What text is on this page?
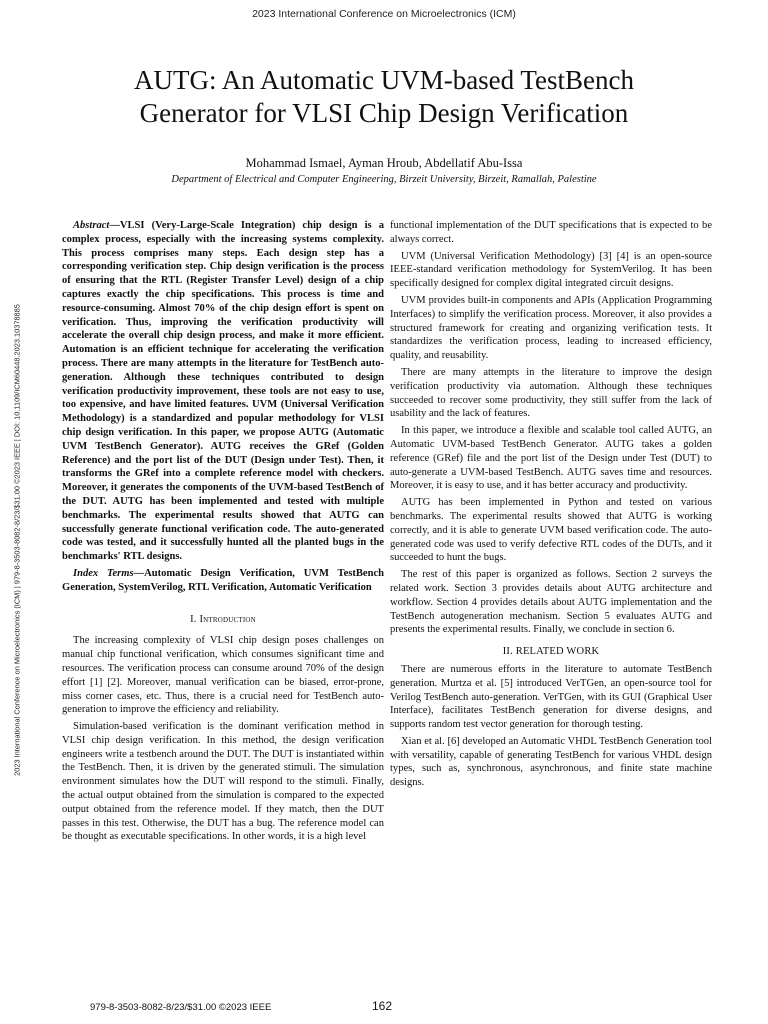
2023 International Conference on Microelectronics (ICM)
2023 International Conference on Microelectronics (ICM) | 979-8-3503-8082-8/23/$31.00 ©2023 IEEE | DOI: 10.1109/ICM60448.2023.10378885
AUTG: An Automatic UVM-based TestBench
Generator for VLSI Chip Design Verification

Mohammad Ismael, Ayman Hroub, Abdellatif Abu-Issa

Department of Electrical and Computer Engineering, Birzeit University, Birzeit, Ramallah, Palestine

Abstract—VLSI (Very-Large-Scale Integration) chip design is a complex process, especially with the increasing systems complexity. This process comprises many steps. Each design step has a corresponding verification step. Chip design verification is the process of ensuring that the RTL (Register Transfer Level) design of a chip captures exactly the chip specifications. This process is time and resource-consuming. Almost 70% of the chip design effort is spent on verification. Thus, improving the verification productivity will accelerate the overall chip design process, and make it more efficient. Automation is an efficient technique for accelerating the verification process. There are many attempts in the literature for TestBench auto-generation. Although these techniques contributed to design verification productivity improvement, these tools are not easy to use, too expensive, and have limited features. UVM (Universal Verification Methodology) is a standardized and popular methodology for VLSI chip design verification. In this paper, we propose AUTG (Automatic UVM TestBench Generator). AUTG receives the GRef (Golden Reference) and the port list of the DUT (Design under Test). Then, it transforms the GRef into a complete reference model with checkers. Moreover, it generates the components of the UVM-based TestBench of the DUT. AUTG has been implemented and tested with multiple benchmarks. The experimental results showed that AUTG can successfully generate functional verification code. The auto-generated code was tested, and it successfully hunted all the planted bugs in the benchmarks' RTL designs.

Index Terms—Automatic Design Verification, UVM TestBench Generation, SystemVerilog, RTL Verification, Automatic Verification

I. Introduction

The increasing complexity of VLSI chip design poses challenges on manual chip functional verification, which consumes significant time and resources. The verification process can consume around 70% of the design effort [1] [2]. Moreover, manual verification can be biased, error-prone, miss corner cases, etc. Thus, there is a crucial need for TestBench auto-generation to improve the efficiency and reliability.

Simulation-based verification is the dominant verification method in VLSI chip design verification. In this method, the design verification engineers write a testbench around the DUT. The DUT is instantiated within the TestBench. Then, it is driven by the generated stimuli. The simulation environment simulates how the DUT will respond to the stimuli. Finally, the actual output obtained from the simulation is compared to the expected output obtained from the reference model. If they match, then the DUT passes in this test. Otherwise, the DUT has a bug. The reference model can be thought as executable specifications. In other words, it is a high level

functional implementation of the DUT specifications that is expected to be always correct.

UVM (Universal Verification Methodology) [3] [4] is an open-source IEEE-standard verification methodology for SystemVerilog. It has been specifically designed for complex digital integrated circuit designs.

UVM provides built-in components and APIs (Application Programming Interfaces) to simplify the verification process. Moreover, it also provides a structured framework for creating and organizing verification tests. It standardizes the verification process, leading to increased efficiency, quality, and reusability.

There are many attempts in the literature to improve the design verification productivity via automation. Although these techniques succeeded to recover some productivity, they still suffer from the lack of usability and the lack of features.

In this paper, we introduce a flexible and scalable tool called AUTG, an Automatic UVM-based TestBench Generator. AUTG takes a golden reference (GRef) file and the port list of the Design under Test (DUT) to auto-generate a UVM-based TestBench. AUTG saves time and resources. Moreover, it is easy to use, and it has better accuracy and productivity.

AUTG has been implemented in Python and tested on various benchmarks. The experimental results showed that AUTG is working correctly, and it is able to generate UVM based verification code. The auto-generated code was used to verify defective RTL codes of the DUTs, and it succeeded to hunt the bugs.

The rest of this paper is organized as follows. Section 2 surveys the related work. Section 3 provides details about AUTG architecture and workflow. Section 4 provides details about AUTG implementation and the TestBench autogeneration mechanism. Section 5 evaluates AUTG and presents the experimental results. Finally, we conclude in section 6.

II. RELATED WORK

There are numerous efforts in the literature to automate TestBench generation. Murtza et al. [5] introduced VerTGen, an open-source tool for Verilog TestBench auto-generation. VerTGen, with its GUI (Graphical User Interface), facilitates TestBench generation for diverse designs, and supports random test vector generation for thorough testing.

Xian et al. [6] developed an Automatic VHDL TestBench Generation tool with versatility, capable of generating TestBench for various VHDL design types, such as, synchronous, asynchronous, and finite state machine designs.

979-8-3503-8082-8/23/$31.00 ©2023 IEEE	162
